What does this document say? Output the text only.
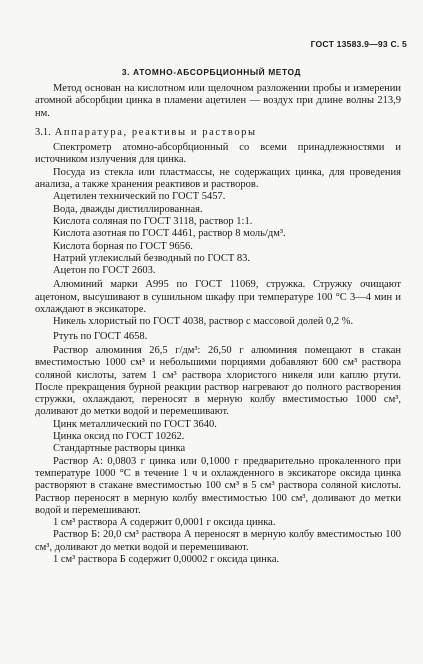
ГОСТ 13583.9—93 С. 5
3. АТОМНО-АБСОРБЦИОННЫЙ МЕТОД

Метод основан на кислотном или щелочном разложении пробы и измерении атомной абсорбции цинка в пламени ацетилен — воздух при длине волны 213,9 нм.

3.1. Аппаратура, реактивы и растворы

Спектрометр атомно-абсорбционный со всеми принадлежностями и источником излучения для цинка.

Посуда из стекла или пластмассы, не содержащих цинка, для проведения анализа, а также хранения реактивов и растворов.

Ацетилен технический по ГОСТ 5457.

Вода, дважды дистиллированная.

Кислота соляная по ГОСТ 3118, раствор 1:1.

Кислота азотная по ГОСТ 4461, раствор 8 моль/дм³.

Кислота борная по ГОСТ 9656.

Натрий углекислый безводный по ГОСТ 83.

Ацетон по ГОСТ 2603.

Алюминий марки А995 по ГОСТ 11069, стружка. Стружку очищают ацетоном, высушивают в сушильном шкафу при температуре 100 °С 3—4 мин и охлаждают в эксикаторе.

Никель хлористый по ГОСТ 4038, раствор с массовой долей 0,2 %.

Ртуть по ГОСТ 4658.

Раствор алюминия 26,5 г/дм³: 26,50 г алюминия помещают в стакан вместимостью 1000 см³ и небольшими порциями добавляют 600 см³ раствора соляной кислоты, затем 1 см³ раствора хлористого никеля или каплю ртути. После прекращения бурной реакции раствор нагревают до полного растворения стружки, охлаждают, переносят в мерную колбу вместимостью 1000 см³, доливают до метки водой и перемешивают.

Цинк металлический по ГОСТ 3640.

Цинка оксид по ГОСТ 10262.

Стандартные растворы цинка

Раствор А: 0,0803 г цинка или 0,1000 г предварительно прокаленного при температуре 1000 °С в течение 1 ч и охлажденного в эксикаторе оксида цинка растворяют в стакане вместимостью 100 см³ в 5 см³ раствора соляной кислоты. Раствор переносят в мерную колбу вместимостью 100 см³, доливают до метки водой и перемешивают.

1 см³ раствора А содержит 0,0001 г оксида цинка.

Раствор Б: 20,0 см³ раствора А переносят в мерную колбу вместимостью 100 см³, доливают до метки водой и перемешивают.

1 см³ раствора Б содержит 0,00002 г оксида цинка.
